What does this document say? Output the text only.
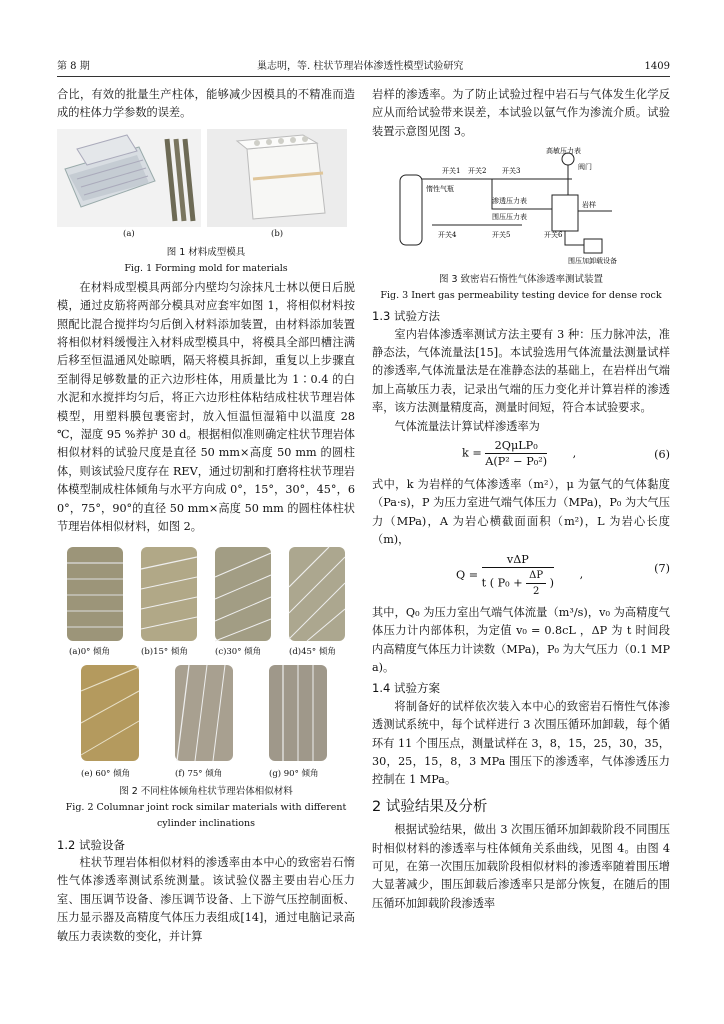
第 8 期	巢志明，等. 柱状节理岩体渗透性模型试验研究	1409
合比，有效的批量生产柱体，能够减少因模具的不精准而造成的柱体力学参数的误差。
(a)	(b)
图 1 材料成型模具
Fig. 1 Forming mold for materials
在材料成型模具两部分内壁均匀涂抹凡士林以便日后脱模，通过皮筋将两部分模具对应套牢如图 1，将相似材料按照配比混合搅拌均匀后倒入材料添加装置，由材料添加装置将相似材料缓慢注入材料成型模具中，将模具全部凹槽注满后移至恒温通风处晾晒，隔天将模具拆卸，重复以上步骤直至制得足够数量的正六边形柱体，用质量比为 1∶0.4 的白水泥和水搅拌均匀后，将正六边形柱体粘结成柱状节理岩体模型，用塑料膜包裹密封，放入恒温恒湿箱中以温度 28 ℃，湿度 95 %养护 30 d。根据相似准则确定柱状节理岩体相似材料的试验尺度是直径 50 mm×高度 50 mm 的圆柱体，则该试验尺度存在 REV，通过切割和打磨将柱状节理岩体模型制成柱体倾角与水平方向成 0°，15°，30°，45°，60°，75°，90°的直径 50 mm×高度 50 mm 的圆柱体柱状节理岩体相似材料，如图 2。
(a)0° 倾角	(b)15° 倾角	(c)30° 倾角	(d)45° 倾角
(e) 60° 倾角	(f) 75° 倾角	(g) 90° 倾角
图 2 不同柱体倾角柱状节理岩体相似材料
Fig. 2 Columnar joint rock similar materials with different
cylinder inclinations
1.2 试验设备
柱状节理岩体相似材料的渗透率由本中心的致密岩石惰性气体渗透率测试系统测量。该试验仪器主要由岩心压力室、围压调节设备、渗压调节设备、上下游气压控制面板、压力显示器及高精度气体压力表组成[14]，通过电脑记录高敏压力表读数的变化，并计算
岩样的渗透率。为了防止试验过程中岩石与气体发生化学反应从而给试验带来误差，本试验以氩气作为渗流介质。试验装置示意图见图 3。
开关1 开关2 开关3
惰性气瓶
开关4	开关5	开关6
岩样
围压压力表
渗透压力表
高敏压力表
阀门
围压加卸载设备
图 3 致密岩石惰性气体渗透率测试装置
Fig. 3 Inert gas permeability testing device for dense rock
1.3 试验方法
室内岩体渗透率测试方法主要有 3 种：压力脉冲法，准静态法，气体流量法[15]。本试验选用气体流量法测量试样的渗透率,气体流量法是在准静态法的基础上，在岩样出气端加上高敏压力表，记录出气端的压力变化并计算岩样的渗透率，该方法测量精度高，测量时间短，符合本试验要求。
气体流量法计算试样渗透率为
$k = \frac{\text{2QμLP₀}}{\text{A(P² − P₀²)}}$ ,	(6)
式中，k 为岩样的气体渗透率（m²），μ 为氩气的气体黏度（Pa·s)，P 为压力室进气端气体压力（MPa)，P₀ 为大气压力（MPa)，A 为岩心横截面面积（m²)，L 为岩心长度（m)，
$Q = \frac{\text{vΔP}}{t ( P_0 + \frac{\Delta P}{2} )}$ ,	(7)
其中，Q₀ 为压力室出气端气体流量（m³/s)，v₀ 为高精度气体压力计内部体积，为定值 v₀ = 0.8cL ，ΔP 为 t 时间段内高精度气体压力计读数（MPa)，P₀ 为大气压力（0.1 MPa)。
1.4 试验方案
将制备好的试样依次装入本中心的致密岩石惰性气体渗透测试系统中，每个试样进行 3 次围压循环加卸载，每个循环有 11 个围压点，测量试样在 3，8，15，25，30，35，30，25，15，8，3 MPa 围压下的渗透率，气体渗透压力控制在 1 MPa。
2 试验结果及分析
根据试验结果，做出 3 次围压循环加卸载阶段不同围压时相似材料的渗透率与柱体倾角关系曲线，见图 4。由图 4 可见，在第一次围压加载阶段相似材料的渗透率随着围压增大显著减少，围压卸载后渗透率只是部分恢复，在随后的围压循环加卸载阶段渗透率
